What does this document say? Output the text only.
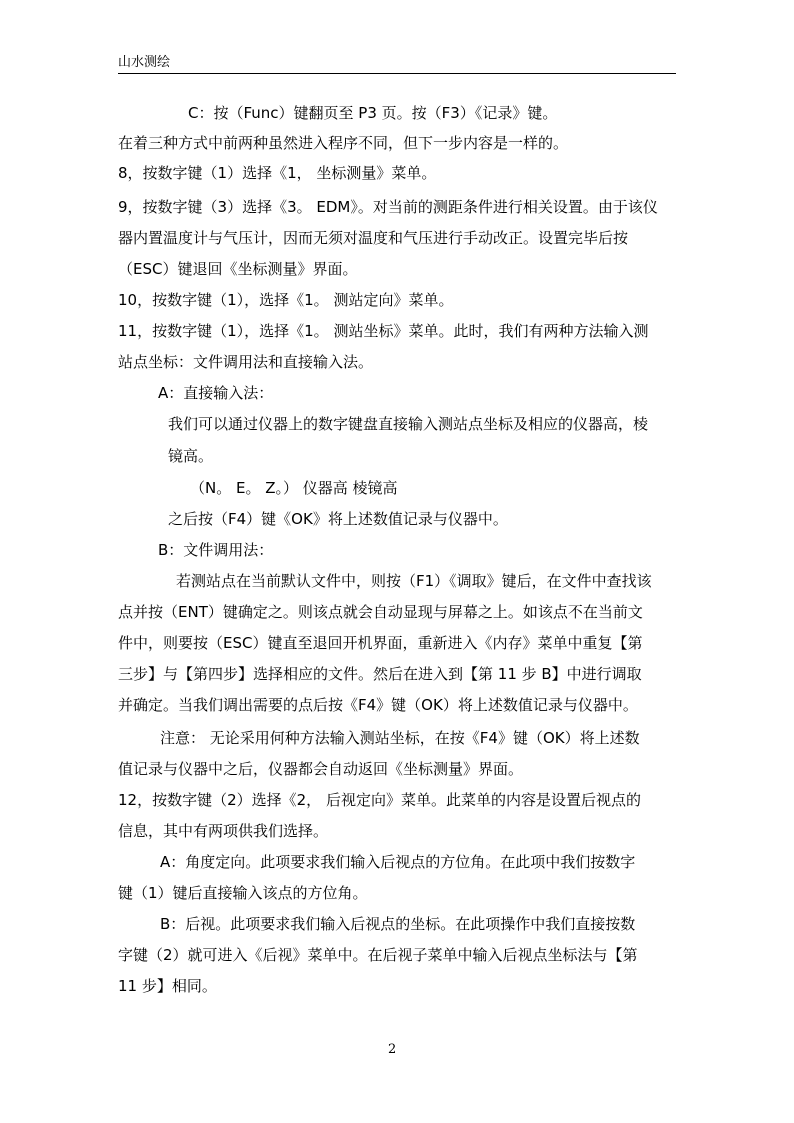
山水测绘
C：按（Func）键翻页至 P3 页。按（F3）《记录》键。
在着三种方式中前两种虽然进入程序不同，但下一步内容是一样的。
8，按数字键（1）选择《1， 坐标测量》菜单。
9，按数字键（3）选择《3。 EDM》。对当前的测距条件进行相关设置。由于该仪
器内置温度计与气压计，因而无须对温度和气压进行手动改正。设置完毕后按
（ESC）键退回《坐标测量》界面。
10，按数字键（1），选择《1。 测站定向》菜单。
11，按数字键（1），选择《1。 测站坐标》菜单。此时，我们有两种方法输入测
站点坐标：文件调用法和直接输入法。
A：直接输入法：
我们可以通过仪器上的数字键盘直接输入测站点坐标及相应的仪器高，棱
镜高。
（N。 E。 Z。） 仪器高 棱镜高
之后按（F4）键《OK》将上述数值记录与仪器中。
B：文件调用法：
若测站点在当前默认文件中，则按（F1）《调取》键后，在文件中查找该
点并按（ENT）键确定之。则该点就会自动显现与屏幕之上。如该点不在当前文
件中，则要按（ESC）键直至退回开机界面，重新进入《内存》菜单中重复【第
三步】与【第四步】选择相应的文件。然后在进入到【第 11 步 B】中进行调取
并确定。当我们调出需要的点后按《F4》键（OK）将上述数值记录与仪器中。
注意： 无论采用何种方法输入测站坐标，在按《F4》键（OK）将上述数
值记录与仪器中之后，仪器都会自动返回《坐标测量》界面。
12，按数字键（2）选择《2， 后视定向》菜单。此菜单的内容是设置后视点的
信息，其中有两项供我们选择。
A：角度定向。此项要求我们输入后视点的方位角。在此项中我们按数字
键（1）键后直接输入该点的方位角。
B：后视。此项要求我们输入后视点的坐标。在此项操作中我们直接按数
字键（2）就可进入《后视》菜单中。在后视子菜单中输入后视点坐标法与【第
11 步】相同。
2
